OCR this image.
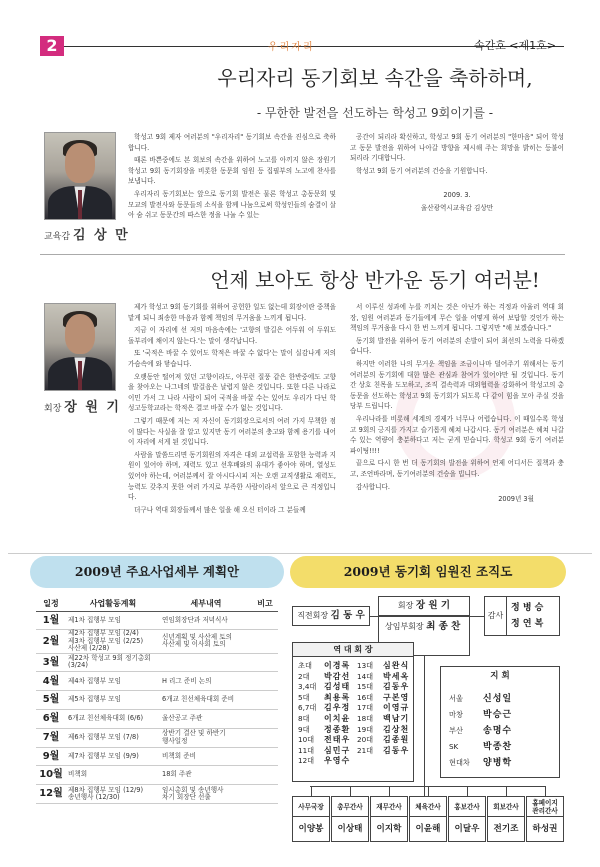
2	우리자리	속간호 <제1호>
우리자리 동기회보 속간을 축하하며,
- 무한한 발전을 선도하는 학성고 9회이기를 -
교육감 김 상 만

학성고 9회 제자 여러분의 "우리자리" 동기회보 속간을 진심으로 축하합니다.

때론 바쁜중에도 본 회보의 속간을 위하여 노고를 아끼지 않은 장원기 학성고 9회 동기회장을 비롯한 동문회 임원 등 집필부의 노고에 찬사를 보냅니다.

우리자리 동기회보는 앞으로 동기회 발전은 물론 학성고 총동문회 및 모교의 발전사와 동문들의 소식을 함께 나눔으로써 학성인들의 숨결이 살아 숨 쉬고 동문간의 따스한 정을 나눌 수 있는

공간이 되리라 확신하고, 학성고 9회 동기 여러분의 "한마음" 되어 학성고 동문 발전을 위하여 나아갈 방향을 제시해 주는 희망을 밝히는 등불이 되리라 기대합니다.

학성고 9회 동기 여러분의 건승을 기원합니다.

2009. 3.

울산광역시교육감 김상만

언제 보아도 항상 반가운 동기 여러분!
회장 장 원 기

제가 학성고 9회 동기회를 위하여 공헌한 일도 없는데 회장이란 중책을 맡게 되니 죄송한 마음과 함께 책임의 무거움을 느끼게 됩니다.

지금 이 자리에 선 저의 마음속에는 '고향의 발길은 어두워 이 두워도 돌부리에 채이지 않는다.'는 말이 생각납니다.

또 '국적은 바꿀 수 있어도 학적은 바꿀 수 없다'는 말이 실감나게 저의 가슴속에 와 닿습니다.

오랫동안 떨어져 있던 고향이라도, 아무런 질풍 같은 한반중에도 고향을 찾아오는 나그네의 발걸음은 날렵지 않은 것입니다. 또한 다른 나라로 이민 가서 그 나라 사람이 되어 국적을 바꿀 수는 있어도 우리가 다닌 학성고등학교라는 학적은 결코 바꿀 수가 없는 것입니다.

그렇기 때문에 저는 저 자신이 동기회장으로서의 여러 가지 무책한 점이 많다는 사실을 잘 알고 있지만 동기 여러분의 충고와 함께 용기를 내어 이 자리에 서게 된 것입니다.

사람을 말씀드리면 동기회원의 자격은 대외 교섭력을 포함한 능력과 지원이 있어야 하며, 재력도 있고 선후배와의 유대가 좋아야 하며, 열성도 있어야 하는데, 여러분께서 잘 아시다시피 저는 오랜 교직생활로 재력도, 능력도 갖추지 못한 여러 가지로 부족한 사람이라서 앞으로 큰 걱정입니다.

더구나 역대 회장들께서 많은 일을 해 오신 터이라 그 분들께

서 이루신 성과에 누를 끼치는 것은 아닌가 하는 걱정과 아울러 역대 회장, 임원 여러분과 동기들에게 무슨 일을 어떻게 하여 보답할 것인가 하는 책임의 무거움을 다시 한 번 느끼게 됩니다. 그렇지만 "해 보겠습니다."

동기회 발전을 위하여 동기 여러분의 손발이 되어 최선의 노력을 다하겠습니다.

하지만 이러한 나의 무거운 책임을 조금이나마 덜어주기 위해서는 동기 여러분의 동기회에 대한 많은 관심과 참여가 있어야만 될 것입니다. 동기 간 상호 친목을 도모하고, 조직 결속력과 대외협력을 강화하여 학성고의 총동문을 선도하는 학성고 9회 동기회가 되도록 다 같이 힘을 모아 주실 것을 당부 드립니다.

우리나라를 비롯해 세계의 경제가 너무나 어렵습니다. 이 때일수록 학성고 9회의 긍지를 가지고 슬기롭게 헤쳐 나갑시다. 동기 여러분은 헤쳐 나갈 수 있는 역량이 충분하다고 저는 굳게 믿습니다. 학성고 9회 동기 여러분 파이팅!!!!

끝으로 다시 한 번 더 동기회의 발전을 위하여 언제 어디서든 질책과 충고, 조언바라며, 동기여러분의 건승을 빕니다.

감사합니다.

2009년 3월

2009년 주요사업세부 계획안
일정	사업활동계획	세부내역	비고
1월	제1차 집행부 모임	연임회장단과 저녁식사	
2월	제2차 집행부 모임 (2/4)
제3차 집행부 모임 (2/25)
사산제 (2/28)	신년계획 및 사산제 토의
사산제 및 이사회 토의	
3월	제22차 학성고 9회 정기총회 (3/24)		
4월	제4차 집행부 모임	H 리그 준비 논의	
5월	제5차 집행부 모임	6개교 친선체육대회 준비	
6월	6개교 친선체육대회 (6/6)	울산공고 주관	
7월	제6차 집행부 모임 (7/8)	상반기 결산 및 하반기
행사일정	
9월	제7차 집행부 모임 (9/9)	비책회 준비	
10월	비책회	18회 주관	
12월	제8차 집행부 모임 (12/9)
송년행사 (12/30)	임시총회 및 송년행사
차기 회장단 선출	
2009년 동기회 임원진 조직도
회장 장 원 기
상임부회장 최 종 찬
직전회장 김 동 우	감사
정 병 승
정 연 복
역 대 회 장
초대	이경록
2대	박감선
3,4대 김성태
5대	최용록
6,7대 김우정
8대	이치윤
9대	정종환
10대	전태우
11대	심민구
12대	우영수
13대	심완식
14대	박세옥
15대	김동우
16대	구본영
17대	이영규
18대	백남기
19대	김상천
20대	김종원
21대	김동우
지 회
서울	신성일
마창	박승근
부산	송명수
SK	박종찬
현대차	양병학
사무국장
이양봉
총무간사
이상태
재무간사
이지학
체육간사
이윤해
홍보간사
이달우
회보간사
전기조
홈페이지
관리간사
하성권
